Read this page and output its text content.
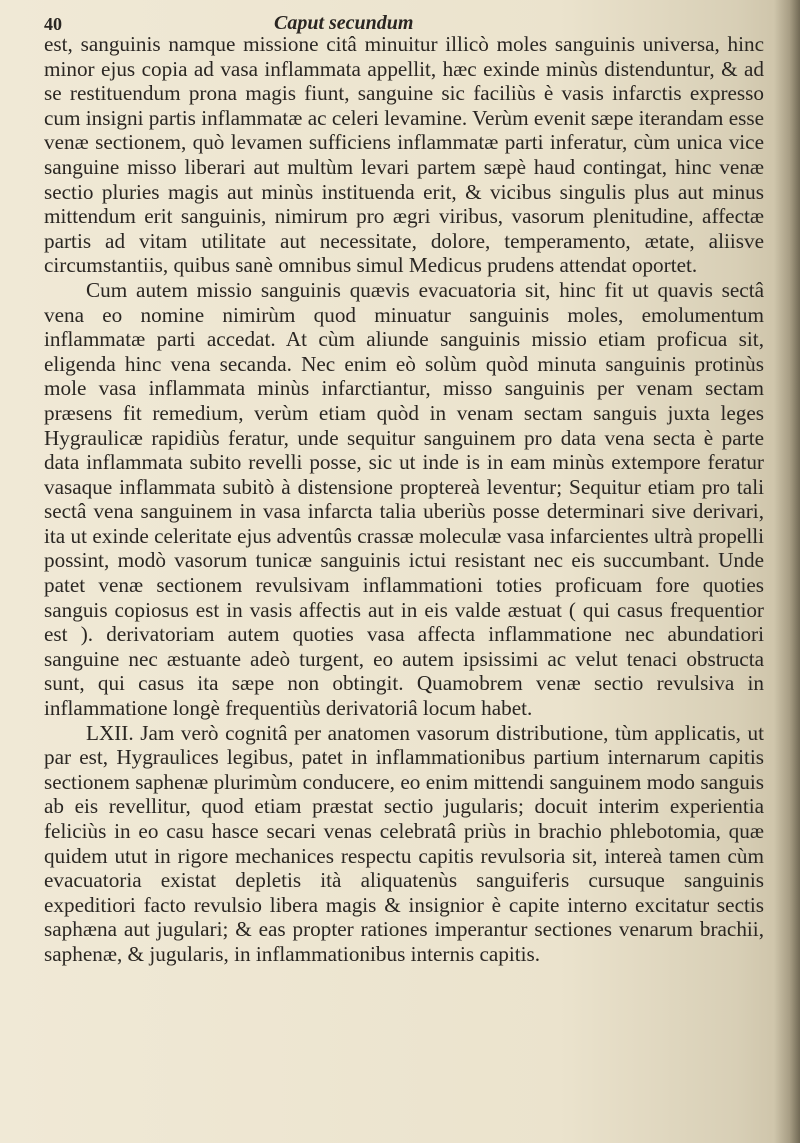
40	Caput secundum

est, sanguinis namque missione citâ minuitur illicò moles sanguinis universa, hinc minor ejus copia ad vasa inflammata appellit, hæc exinde minùs distenduntur, & ad se restituendum prona magis fiunt, sanguine sic faciliùs è vasis infarctis expresso cum insigni partis inflammatæ ac celeri levamine. Verùm evenit sæpe iterandam esse venæ sectionem, quò levamen sufficiens inflammatæ parti inferatur, cùm unica vice sanguine misso liberari aut multùm levari partem sæpè haud contingat, hinc venæ sectio pluries magis aut minùs instituenda erit, & vicibus singulis plus aut minus mittendum erit sanguinis, nimirum pro ægri viribus, vasorum plenitudine, affectæ partis ad vitam utilitate aut necessitate, dolore, temperamento, ætate, aliisve circumstantiis, quibus sanè omnibus simul Medicus prudens attendat oportet.

Cum autem missio sanguinis quævis evacuatoria sit, hinc fit ut quavis sectâ vena eo nomine nimirùm quod minuatur sanguinis moles, emolumentum inflammatæ parti accedat. At cùm aliunde sanguinis missio etiam proficua sit, eligenda hinc vena secanda. Nec enim eò solùm quòd minuta sanguinis protinùs mole vasa inflammata minùs infarctiantur, misso sanguinis per venam sectam præsens fit remedium, verùm etiam quòd in venam sectam sanguis juxta leges Hygraulicæ rapidiùs feratur, unde sequitur sanguinem pro data vena secta è parte data inflammata subito revelli posse, sic ut inde is in eam minùs extempore feratur vasaque inflammata subitò à distensione proptereà leventur; Sequitur etiam pro tali sectâ vena sanguinem in vasa infarcta talia uberiùs posse determinari sive derivari, ita ut exinde celeritate ejus adventûs crassæ moleculæ vasa infarcientes ultrà propelli possint, modò vasorum tunicæ sanguinis ictui resistant nec eis succumbant. Unde patet venæ sectionem revulsivam inflammationi toties proficuam fore quoties sanguis copiosus est in vasis affectis aut in eis valde æstuat ( qui casus frequentior est ). derivatoriam autem quoties vasa affecta inflammatione nec abundatiori sanguine nec æstuante adeò turgent, eo autem ipsissimi ac velut tenaci obstructa sunt, qui casus ita sæpe non obtingit. Quamobrem venæ sectio revulsiva in inflammatione longè frequentiùs derivatoriâ locum habet.

LXII. Jam verò cognitâ per anatomen vasorum distributione, tùm applicatis, ut par est, Hygraulices legibus, patet in inflammationibus partium internarum capitis sectionem saphenæ plurimùm conducere, eo enim mittendi sanguinem modo sanguis ab eis revellitur, quod etiam præstat sectio jugularis; docuit interim experientia feliciùs in eo casu hasce secari venas celebratâ priùs in brachio phlebotomia, quæ quidem utut in rigore mechanices respectu capitis revulsoria sit, intereà tamen cùm evacuatoria existat depletis ità aliquatenùs sanguiferis cursuque sanguinis expeditiori facto revulsio libera magis & insignior è capite interno excitatur sectis saphæna aut jugulari; & eas propter rationes imperantur sectiones venarum brachii, saphenæ, & jugularis, in inflammationibus internis capitis.
